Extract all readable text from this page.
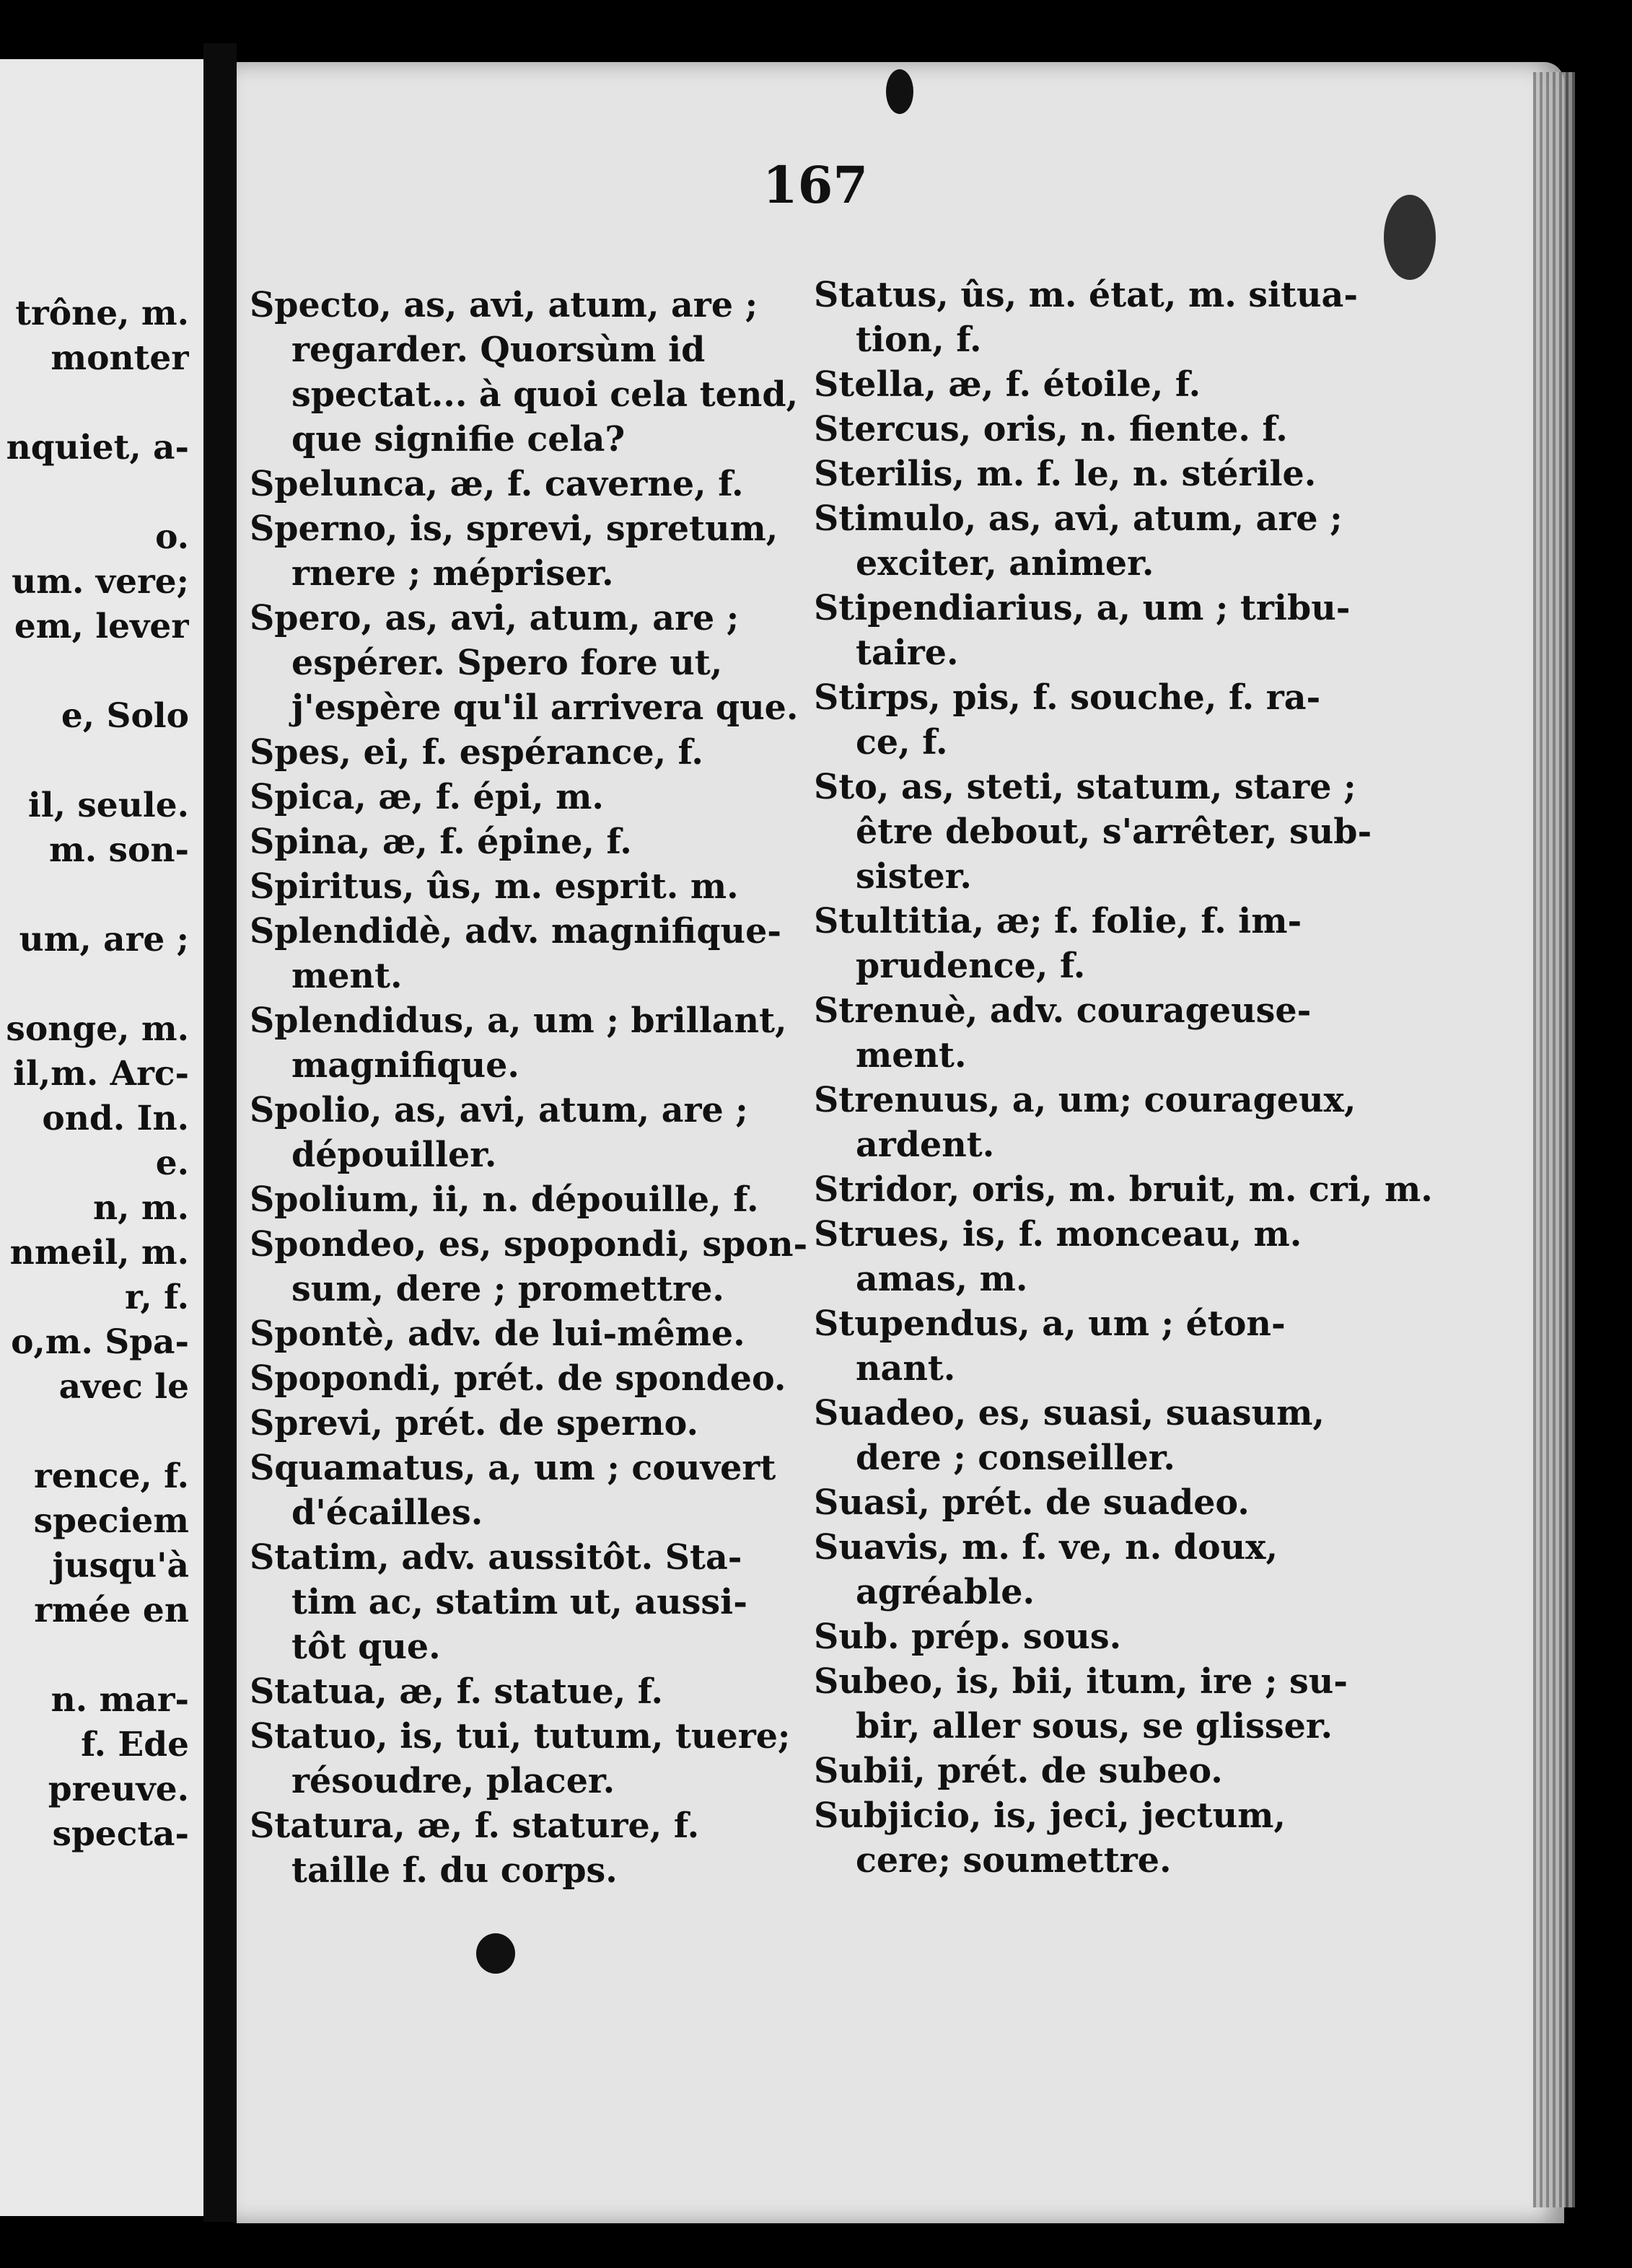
167
trône, m.
monter
nquiet, a-
o.
um. vere;
em, lever
e, Solo
il, seule.
m. son-
um, are ;
songe, m.
il,m. Arc-
ond. In.
e.
n, m.
nmeil, m.
r, f.
o,m. Spa-
avec le
rence, f.
speciem
jusqu'à
rmée en
n. mar-
f. Ede
preuve.
specta-
Specto, as, avi, atum, are ;
regarder. Quorsùm id
spectat... à quoi cela tend,
que signifie cela?
Spelunca, æ, f. caverne, f.
Sperno, is, sprevi, spretum,
rnere ; mépriser.
Spero, as, avi, atum, are ;
espérer. Spero fore ut,
j'espère qu'il arrivera que.
Spes, ei, f. espérance, f.
Spica, æ, f. épi, m.
Spina, æ, f. épine, f.
Spiritus, ûs, m. esprit. m.
Splendidè, adv. magnifique-
ment.
Splendidus, a, um ; brillant,
magnifique.
Spolio, as, avi, atum, are ;
dépouiller.
Spolium, ii, n. dépouille, f.
Spondeo, es, spopondi, spon-
sum, dere ; promettre.
Spontè, adv. de lui-même.
Spopondi, prét. de spondeo.
Sprevi, prét. de sperno.
Squamatus, a, um ; couvert
d'écailles.
Statim, adv. aussitôt. Sta-
tim ac, statim ut, aussi-
tôt que.
Statua, æ, f. statue, f.
Statuo, is, tui, tutum, tuere;
résoudre, placer.
Statura, æ, f. stature, f.
taille f. du corps.
Status, ûs, m. état, m. situa-
tion, f.
Stella, æ, f. étoile, f.
Stercus, oris, n. fiente. f.
Sterilis, m. f. le, n. stérile.
Stimulo, as, avi, atum, are ;
exciter, animer.
Stipendiarius, a, um ; tribu-
taire.
Stirps, pis, f. souche, f. ra-
ce, f.
Sto, as, steti, statum, stare ;
être debout, s'arrêter, sub-
sister.
Stultitia, æ; f. folie, f. im-
prudence, f.
Strenuè, adv. courageuse-
ment.
Strenuus, a, um; courageux,
ardent.
Stridor, oris, m. bruit, m. cri, m.
Strues, is, f. monceau, m.
amas, m.
Stupendus, a, um ; éton-
nant.
Suadeo, es, suasi, suasum,
dere ; conseiller.
Suasi, prét. de suadeo.
Suavis, m. f. ve, n. doux,
agréable.
Sub. prép. sous.
Subeo, is, bii, itum, ire ; su-
bir, aller sous, se glisser.
Subii, prét. de subeo.
Subjicio, is, jeci, jectum,
cere; soumettre.
